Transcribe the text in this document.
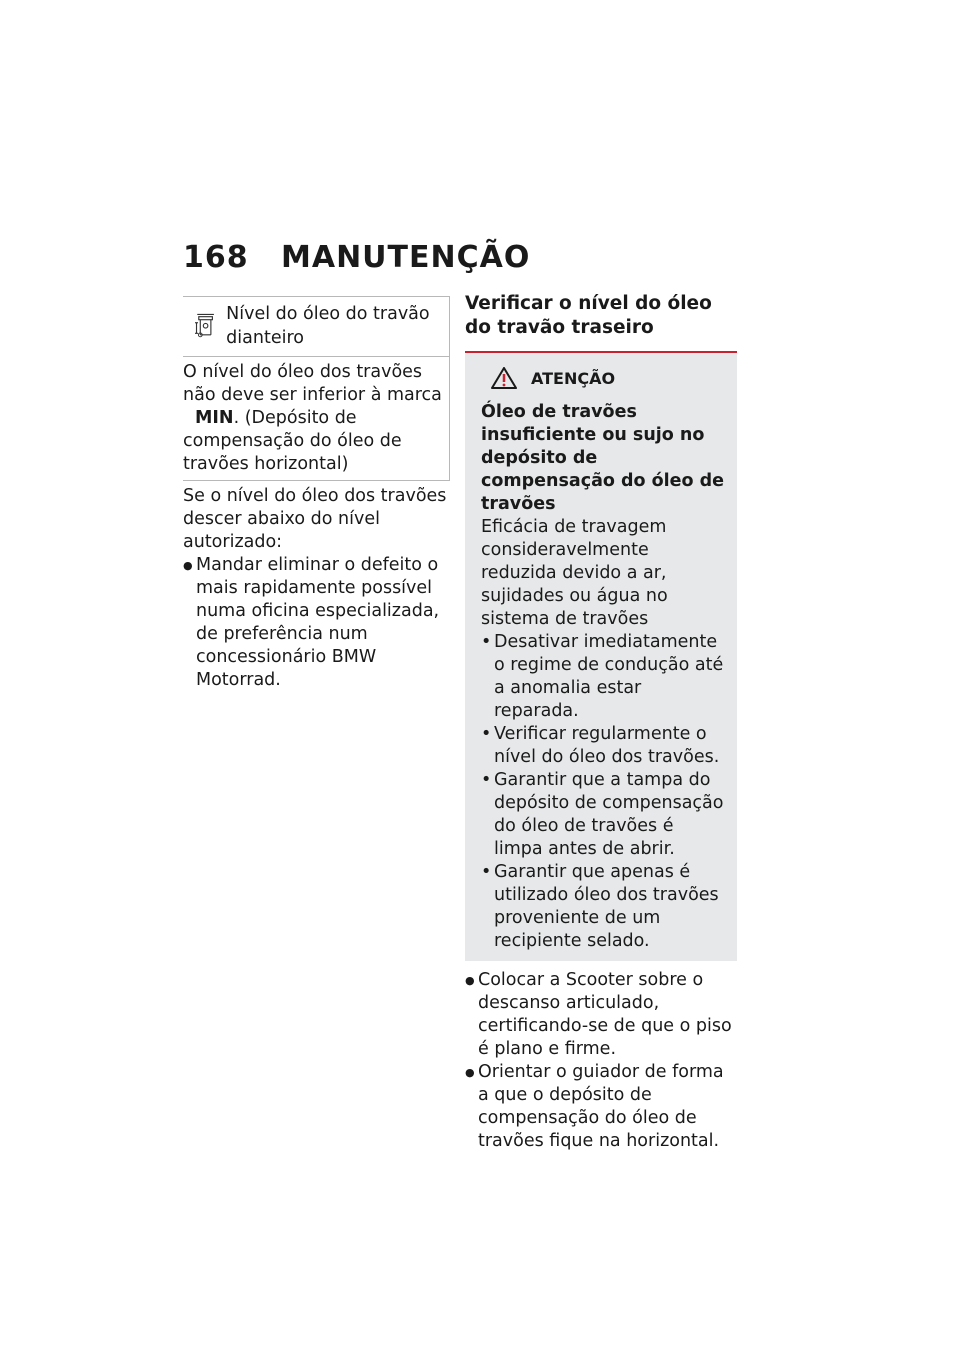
168 MANUTENÇÃO
Nível do óleo do travão dianteiro
O nível do óleo dos travões não deve ser inferior à marca MIN. (Depósito de compensação do óleo de travões horizontal)

Se o nível do óleo dos travões descer abaixo do nível autorizado:

● Mandar eliminar o defeito o mais rapidamente possível numa oficina especializada, de preferência num concessionário BMW Motorrad.
Verificar o nível do óleo do travão traseiro
ATENÇÃO
Óleo de travões insuficiente ou sujo no depósito de compensação do óleo de travões

Eficácia de travagem consideravelmente reduzida devido a ar, sujidades ou água no sistema de travões

• Desativar imediatamente o regime de condução até a anomalia estar reparada.
• Verificar regularmente o nível do óleo dos travões.
• Garantir que a tampa do depósito de compensação do óleo de travões é limpa antes de abrir.
• Garantir que apenas é utilizado óleo dos travões proveniente de um recipiente selado.
● Colocar a Scooter sobre o descanso articulado, certificando-se de que o piso é plano e firme.
● Orientar o guiador de forma a que o depósito de compensação do óleo de travões fique na horizontal.
